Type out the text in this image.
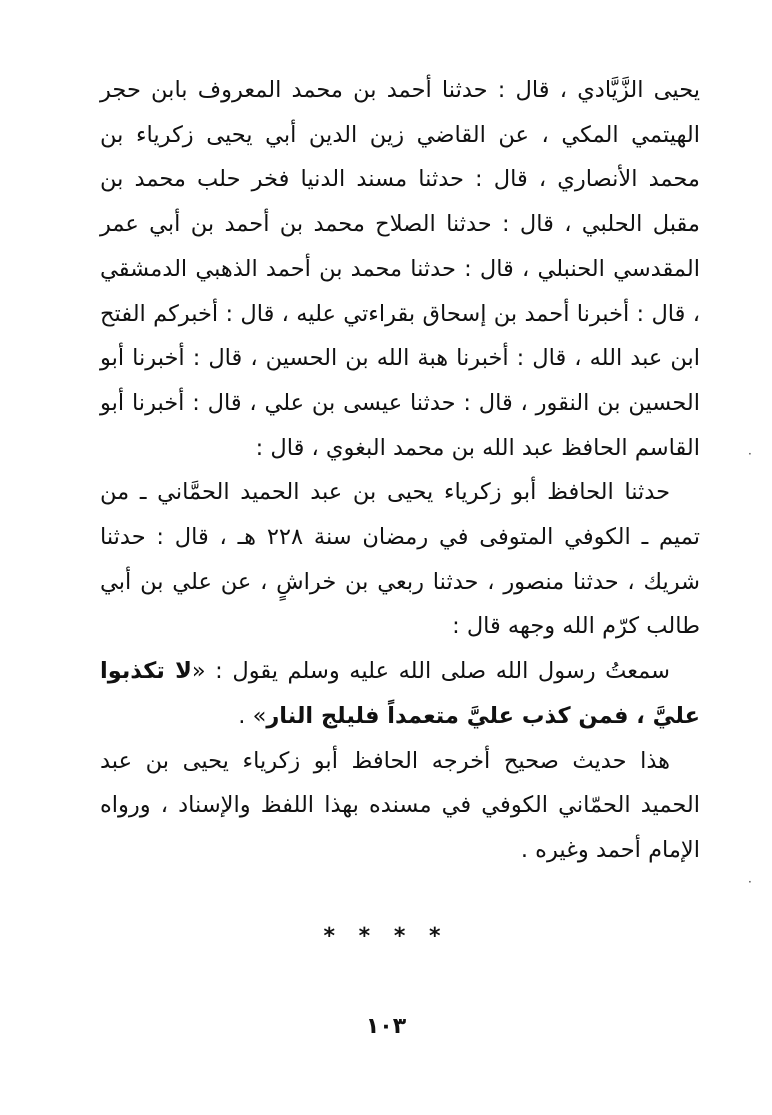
يحيى الزَّيَّادي ، قال : حدثنا أحمد بن محمد المعروف بابن حجر الهيتمي المكي ، عن القاضي زين الدين أبي يحيى زكرياء بن محمد الأنصاري ، قال : حدثنا مسند الدنيا فخر حلب محمد بن مقبل الحلبي ، قال : حدثنا الصلاح محمد بن أحمد بن أبي عمر المقدسي الحنبلي ، قال : حدثنا محمد بن أحمد الذهبي الدمشقي ، قال : أخبرنا أحمد بن إسحاق بقراءتي عليه ، قال : أخبركم الفتح ابن عبد الله ، قال : أخبرنا هبة الله بن الحسين ، قال : أخبرنا أبو الحسين بن النقور ، قال : حدثنا عيسى بن علي ، قال : أخبرنا أبو القاسم الحافظ عبد الله بن محمد البغوي ، قال :

حدثنا الحافظ أبو زكرياء يحيى بن عبد الحميد الحمَّاني ـ من تميم ـ الكوفي المتوفى في رمضان سنة ٢٢٨ هـ ، قال : حدثنا شريك ، حدثنا منصور ، حدثنا ربعي بن خراشٍ ، عن علي بن أبي طالب كرّم الله وجهه قال :

سمعتُ رسول الله صلى الله عليه وسلم يقول : «لا تكذبوا عليَّ ، فمن كذب عليَّ متعمداً فليلج النار» .

هذا حديث صحيح أخرجه الحافظ أبو زكرياء يحيى بن عبد الحميد الحمّاني الكوفي في مسنده بهذا اللفظ والإسناد ، ورواه الإمام أحمد وغيره .

* * * *
١٠٣
·
·
